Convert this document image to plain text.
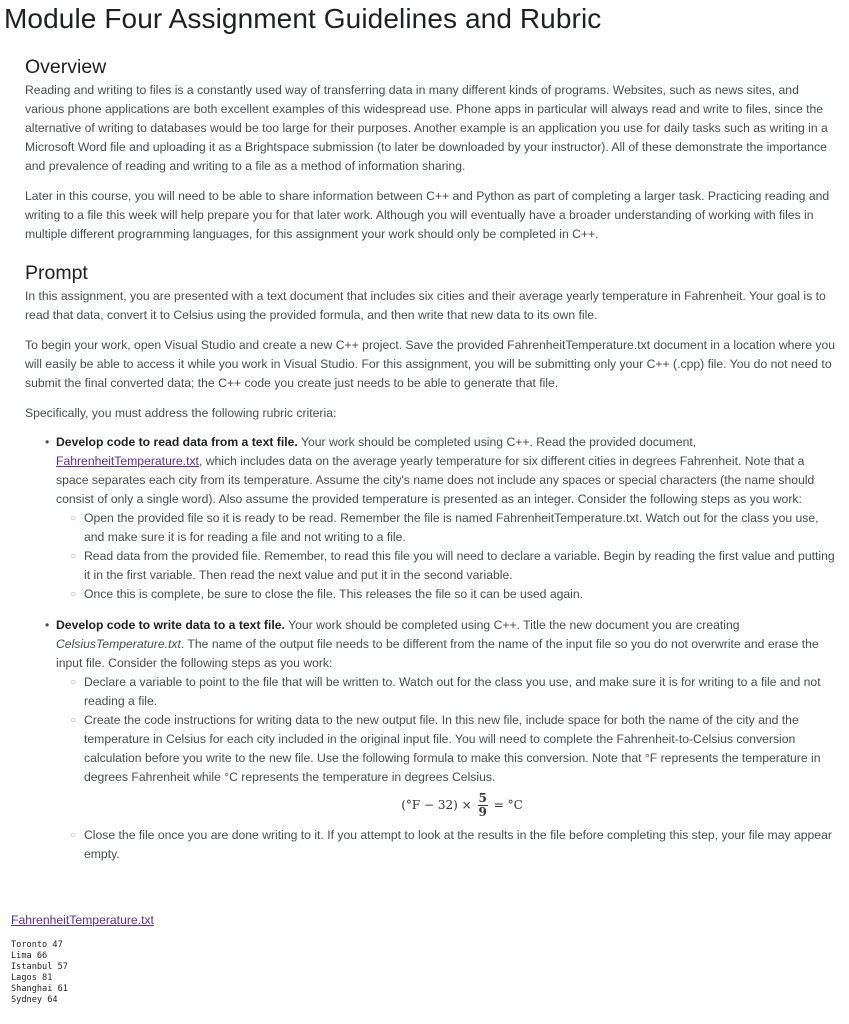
Module Four Assignment Guidelines and Rubric
Overview

Reading and writing to files is a constantly used way of transferring data in many different kinds of programs. Websites, such as news sites, and various phone applications are both excellent examples of this widespread use. Phone apps in particular will always read and write to files, since the alternative of writing to databases would be too large for their purposes. Another example is an application you use for daily tasks such as writing in a Microsoft Word file and uploading it as a Brightspace submission (to later be downloaded by your instructor). All of these demonstrate the importance and prevalence of reading and writing to a file as a method of information sharing.

Later in this course, you will need to be able to share information between C++ and Python as part of completing a larger task. Practicing reading and writing to a file this week will help prepare you for that later work. Although you will eventually have a broader understanding of working with files in multiple different programming languages, for this assignment your work should only be completed in C++.

Prompt

In this assignment, you are presented with a text document that includes six cities and their average yearly temperature in Fahrenheit. Your goal is to read that data, convert it to Celsius using the provided formula, and then write that new data to its own file.

To begin your work, open Visual Studio and create a new C++ project. Save the provided FahrenheitTemperature.txt document in a location where you will easily be able to access it while you work in Visual Studio. For this assignment, you will be submitting only your C++ (.cpp) file. You do not need to submit the final converted data; the C++ code you create just needs to be able to generate that file.

Specifically, you must address the following rubric criteria:

• Develop code to read data from a text file. Your work should be completed using C++. Read the provided document, FahrenheitTemperature.txt, which includes data on the average yearly temperature for six different cities in degrees Fahrenheit. Note that a space separates each city from its temperature. Assume the city's name does not include any spaces or special characters (the name should consist of only a single word). Also assume the provided temperature is presented as an integer. Consider the following steps as you work:
○ Open the provided file so it is ready to be read. Remember the file is named FahrenheitTemperature.txt. Watch out for the class you use, and make sure it is for reading a file and not writing to a file.
○ Read data from the provided file. Remember, to read this file you will need to declare a variable. Begin by reading the first value and putting it in the first variable. Then read the next value and put it in the second variable.
○ Once this is complete, be sure to close the file. This releases the file so it can be used again.
• Develop code to write data to a text file. Your work should be completed using C++. Title the new document you are creating CelsiusTemperature.txt. The name of the output file needs to be different from the name of the input file so you do not overwrite and erase the input file. Consider the following steps as you work:
○ Declare a variable to point to the file that will be written to. Watch out for the class you use, and make sure it is for writing to a file and not reading a file.
○ Create the code instructions for writing data to the new output file. In this new file, include space for both the name of the city and the temperature in Celsius for each city included in the original input file. You will need to complete the Fahrenheit-to-Celsius conversion calculation before you write to the new file. Use the following formula to make this conversion. Note that °F represents the temperature in degrees Fahrenheit while °C represents the temperature in degrees Celsius.
$(^\circ F - 32) \times \frac{5}{9} = ^\circ C$
○ Close the file once you are done writing to it. If you attempt to look at the results in the file before completing this step, your file may appear empty.
FahrenheitTemperature.txt
Toronto 47
Lima 66
Istanbul 57
Lagos 81
Shanghai 61
Sydney 64
